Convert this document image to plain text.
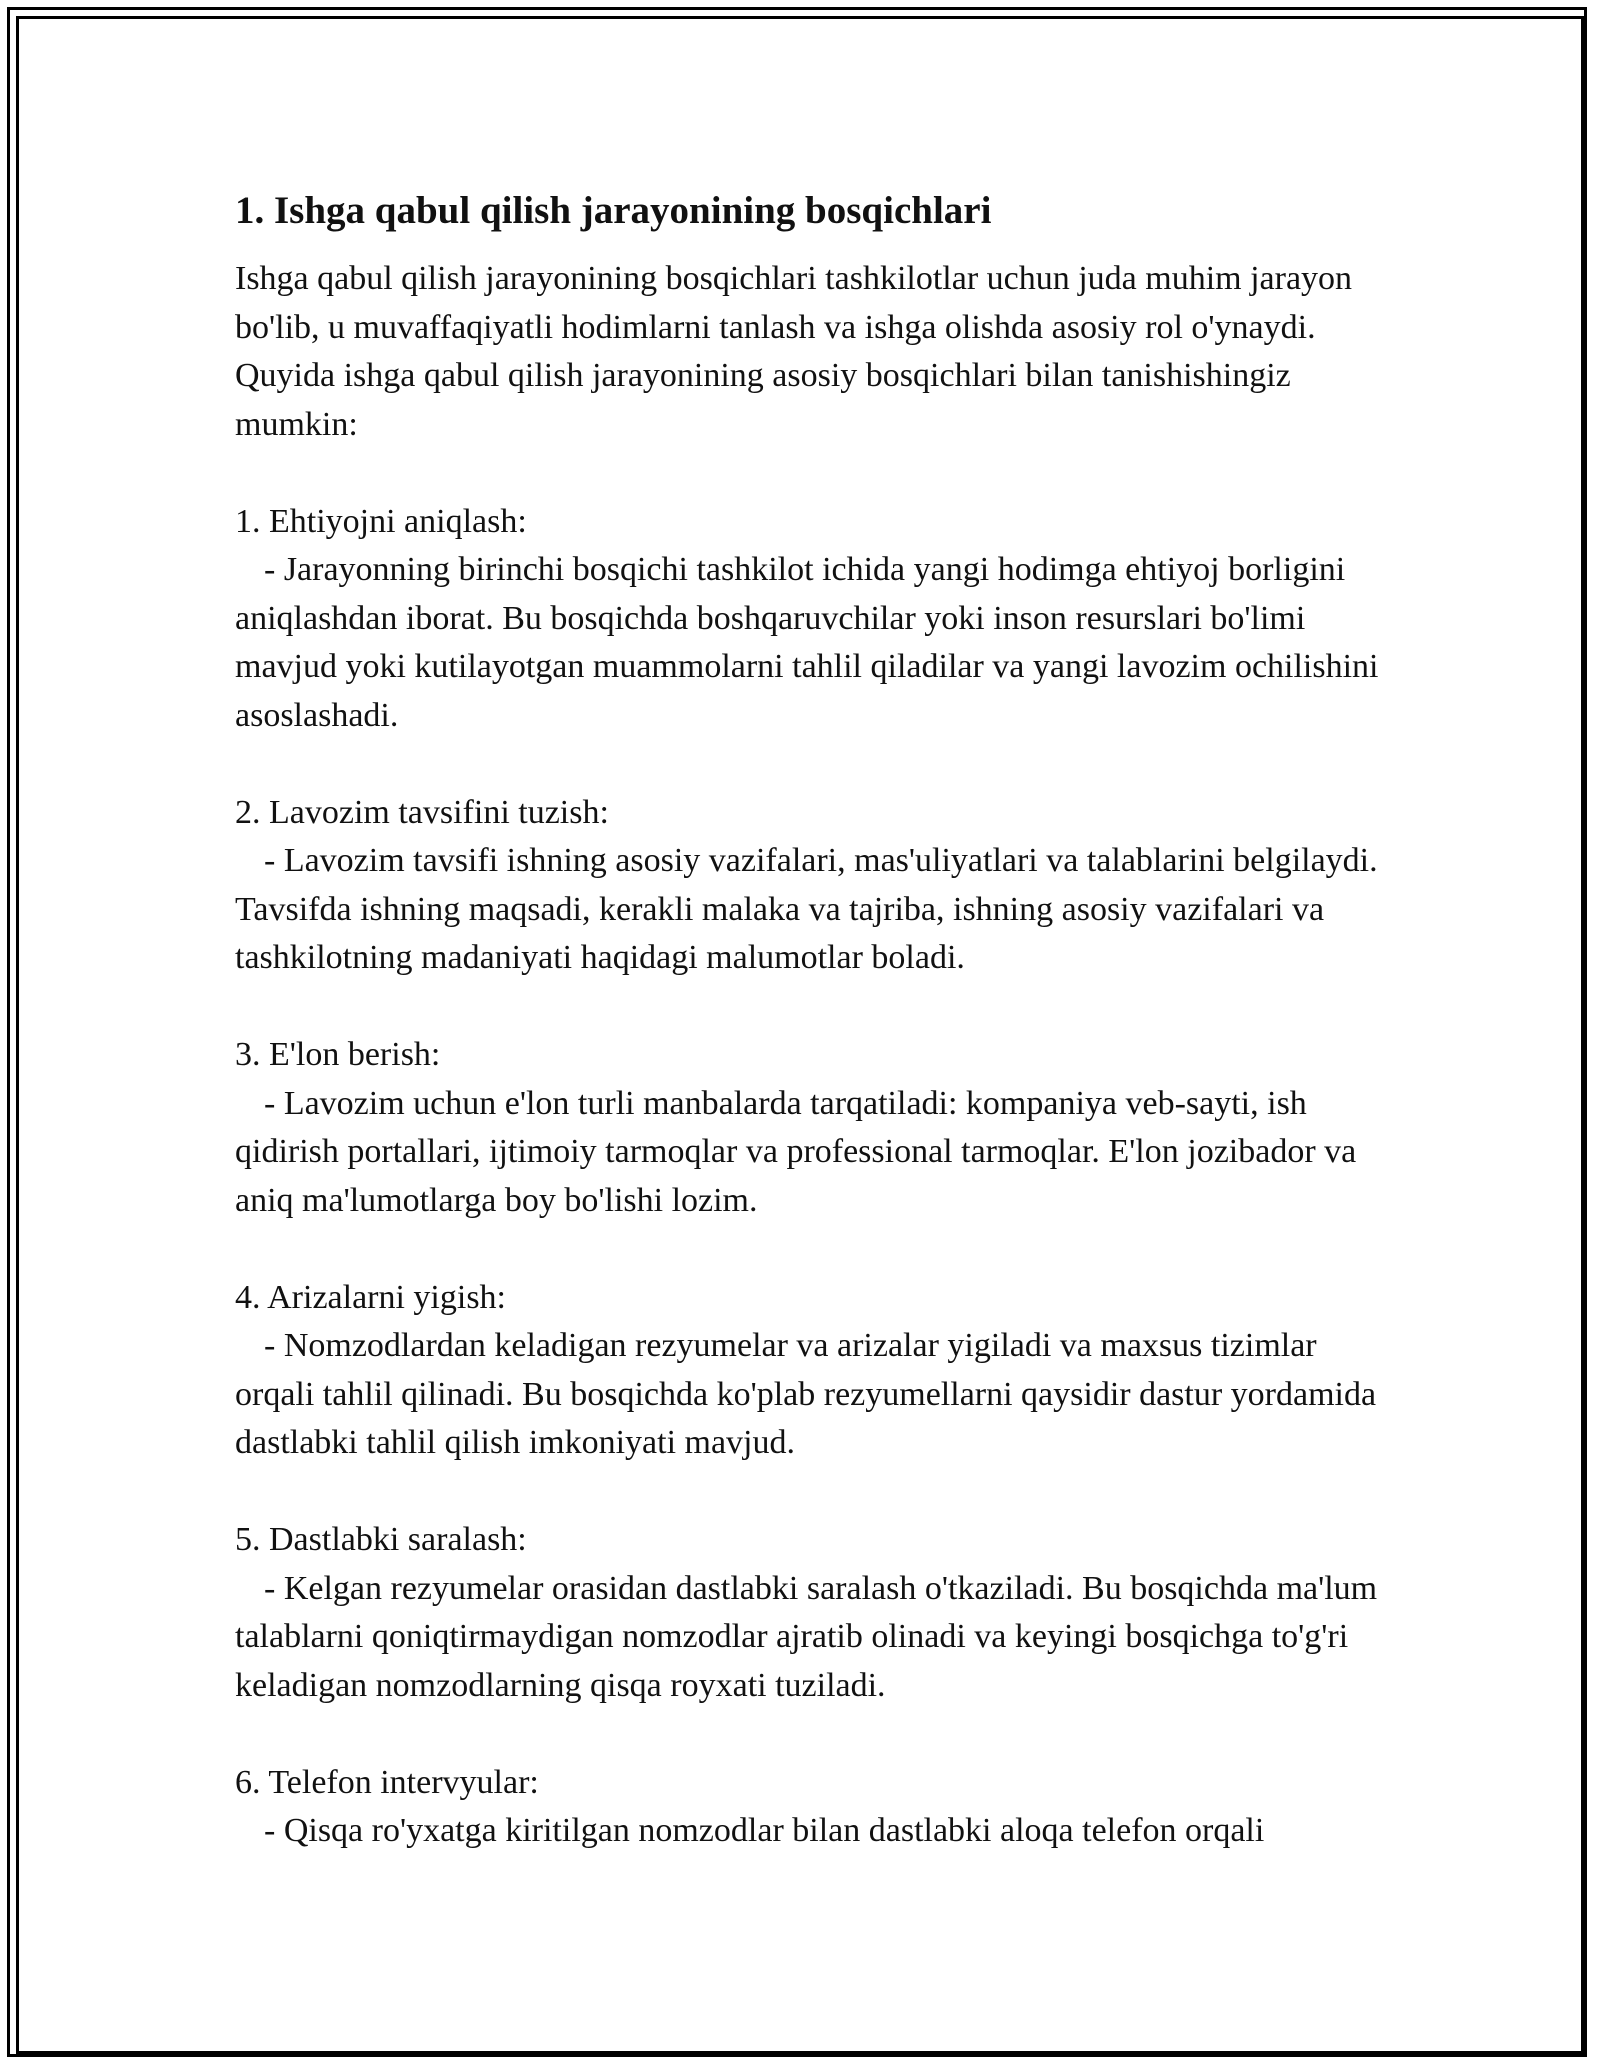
1. Ishga qabul qilish jarayonining bosqichlari

Ishga qabul qilish jarayonining bosqichlari tashkilotlar uchun juda muhim jarayon bo'lib, u muvaffaqiyatli hodimlarni tanlash va ishga olishda asosiy rol o'ynaydi. Quyida ishga qabul qilish jarayonining asosiy bosqichlari bilan tanishishingiz mumkin:

1. Ehtiyojni aniqlash:

- Jarayonning birinchi bosqichi tashkilot ichida yangi hodimga ehtiyoj borligini aniqlashdan iborat. Bu bosqichda boshqaruvchilar yoki inson resurslari bo'limi mavjud yoki kutilayotgan muammolarni tahlil qiladilar va yangi lavozim ochilishini asoslashadi.

2. Lavozim tavsifini tuzish:

- Lavozim tavsifi ishning asosiy vazifalari, mas'uliyatlari va talablarini belgilaydi. Tavsifda ishning maqsadi, kerakli malaka va tajriba, ishning asosiy vazifalari va tashkilotning madaniyati haqidagi malumotlar boladi.

3. E'lon berish:

- Lavozim uchun e'lon turli manbalarda tarqatiladi: kompaniya veb-sayti, ish qidirish portallari, ijtimoiy tarmoqlar va professional tarmoqlar. E'lon jozibador va aniq ma'lumotlarga boy bo'lishi lozim.

4. Arizalarni yigish:

- Nomzodlardan keladigan rezyumelar va arizalar yigiladi va maxsus tizimlar orqali tahlil qilinadi. Bu bosqichda ko'plab rezyumellarni qaysidir dastur yordamida dastlabki tahlil qilish imkoniyati mavjud.

5. Dastlabki saralash:

- Kelgan rezyumelar orasidan dastlabki saralash o'tkaziladi. Bu bosqichda ma'lum talablarni qoniqtirmaydigan nomzodlar ajratib olinadi va keyingi bosqichga to'g'ri keladigan nomzodlarning qisqa royxati tuziladi.

6. Telefon intervyular:

- Qisqa ro'yxatga kiritilgan nomzodlar bilan dastlabki aloqa telefon orqali
